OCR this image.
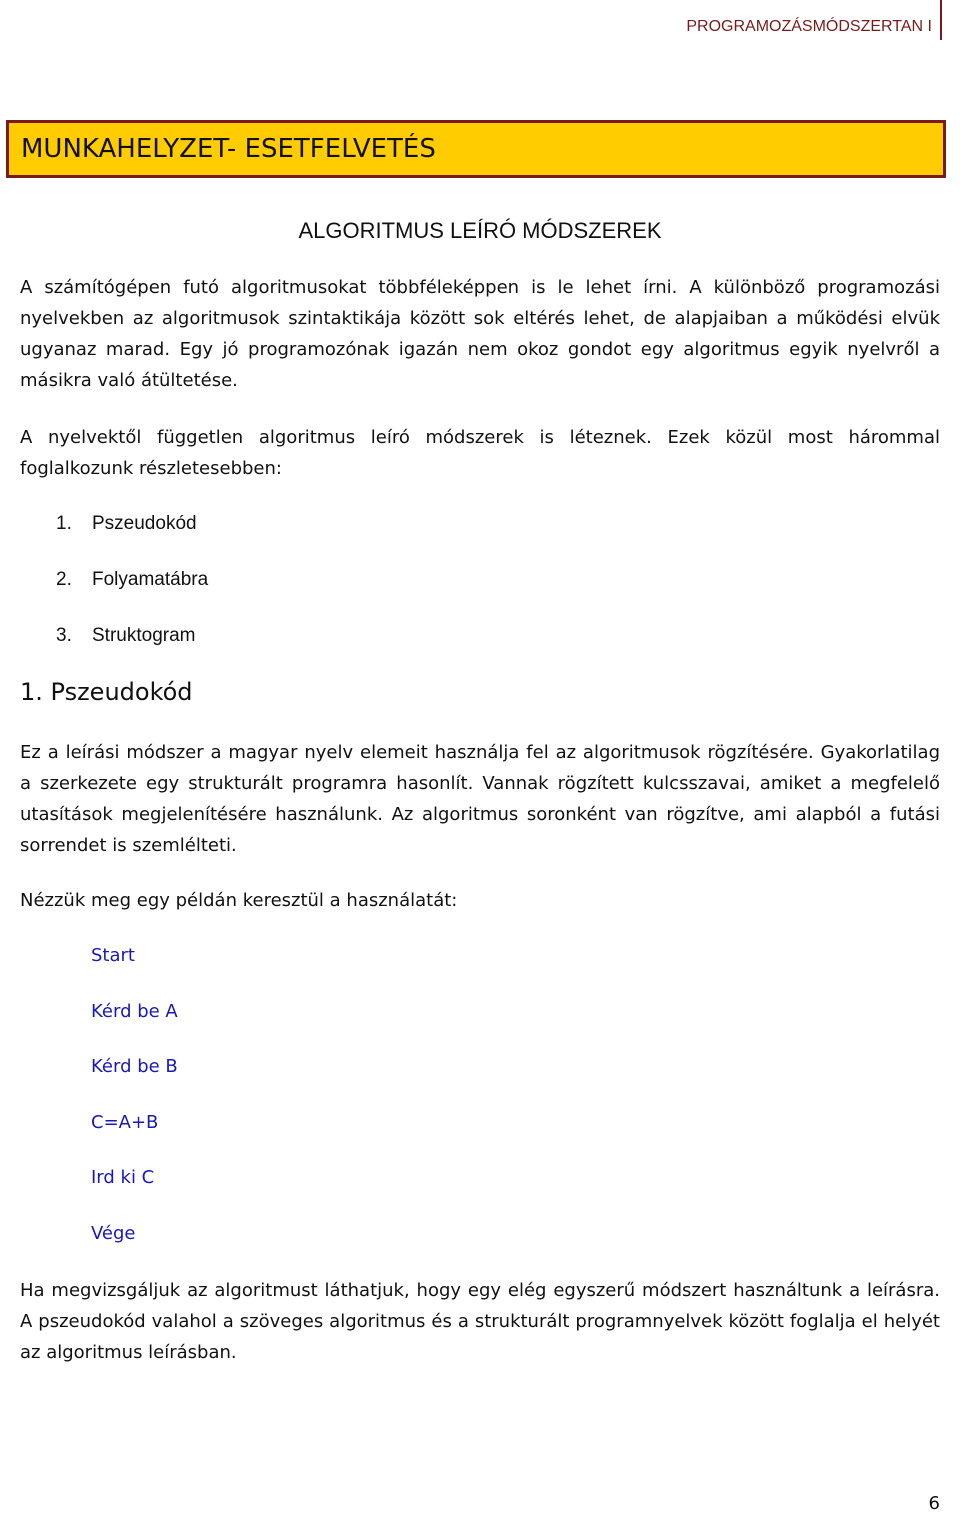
PROGRAMOZÁSMÓDSZERTAN I
MUNKAHELYZET- ESETFELVETÉS
ALGORITMUS LEÍRÓ MÓDSZEREK

A számítógépen futó algoritmusokat többféleképpen is le lehet írni. A különböző programozási nyelvekben az algoritmusok szintaktikája között sok eltérés lehet, de alapjaiban a működési elvük ugyanaz marad. Egy jó programozónak igazán nem okoz gondot egy algoritmus egyik nyelvről a másikra való átültetése.

A nyelvektől független algoritmus leíró módszerek is léteznek. Ezek közül most hárommal foglalkozunk részletesebben:

1. Pszeudokód
2. Folyamatábra
3. Struktogram
1. Pszeudokód

Ez a leírási módszer a magyar nyelv elemeit használja fel az algoritmusok rögzítésére. Gyakorlatilag a szerkezete egy strukturált programra hasonlít. Vannak rögzített kulcsszavai, amiket a megfelelő utasítások megjelenítésére használunk. Az algoritmus soronként van rögzítve, ami alapból a futási sorrendet is szemlélteti.

Nézzük meg egy példán keresztül a használatát:

Start
Kérd be A
Kérd be B
C=A+B
Ird ki C
Vége

Ha megvizsgáljuk az algoritmust láthatjuk, hogy egy elég egyszerű módszert használtunk a leírásra. A pszeudokód valahol a szöveges algoritmus és a strukturált programnyelvek között foglalja el helyét az algoritmus leírásban.

6
